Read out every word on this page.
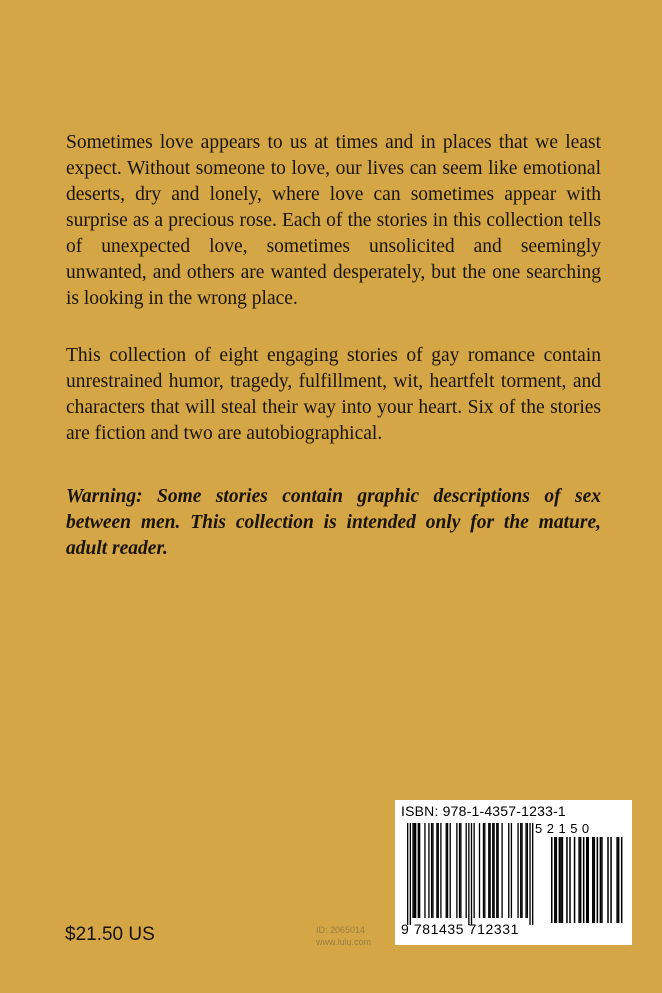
Sometimes love appears to us at times and in places that we least expect. Without someone to love, our lives can seem like emotional deserts, dry and lonely, where love can sometimes appear with surprise as a precious rose. Each of the stories in this collection tells of unexpected love, sometimes unsolicited and seemingly unwanted, and others are wanted desperately, but the one searching is looking in the wrong place.

This collection of eight engaging stories of gay romance contain unrestrained humor, tragedy, fulfillment, wit, heartfelt torment, and characters that will steal their way into your heart. Six of the stories are fiction and two are autobiographical.

Warning: Some stories contain graphic descriptions of sex between men. This collection is intended only for the mature, adult reader.

$21.50 US	ID: 2065014
www.lulu.com
ISBN: 978-1-4357-1233-1
52150
9 781435 712331
